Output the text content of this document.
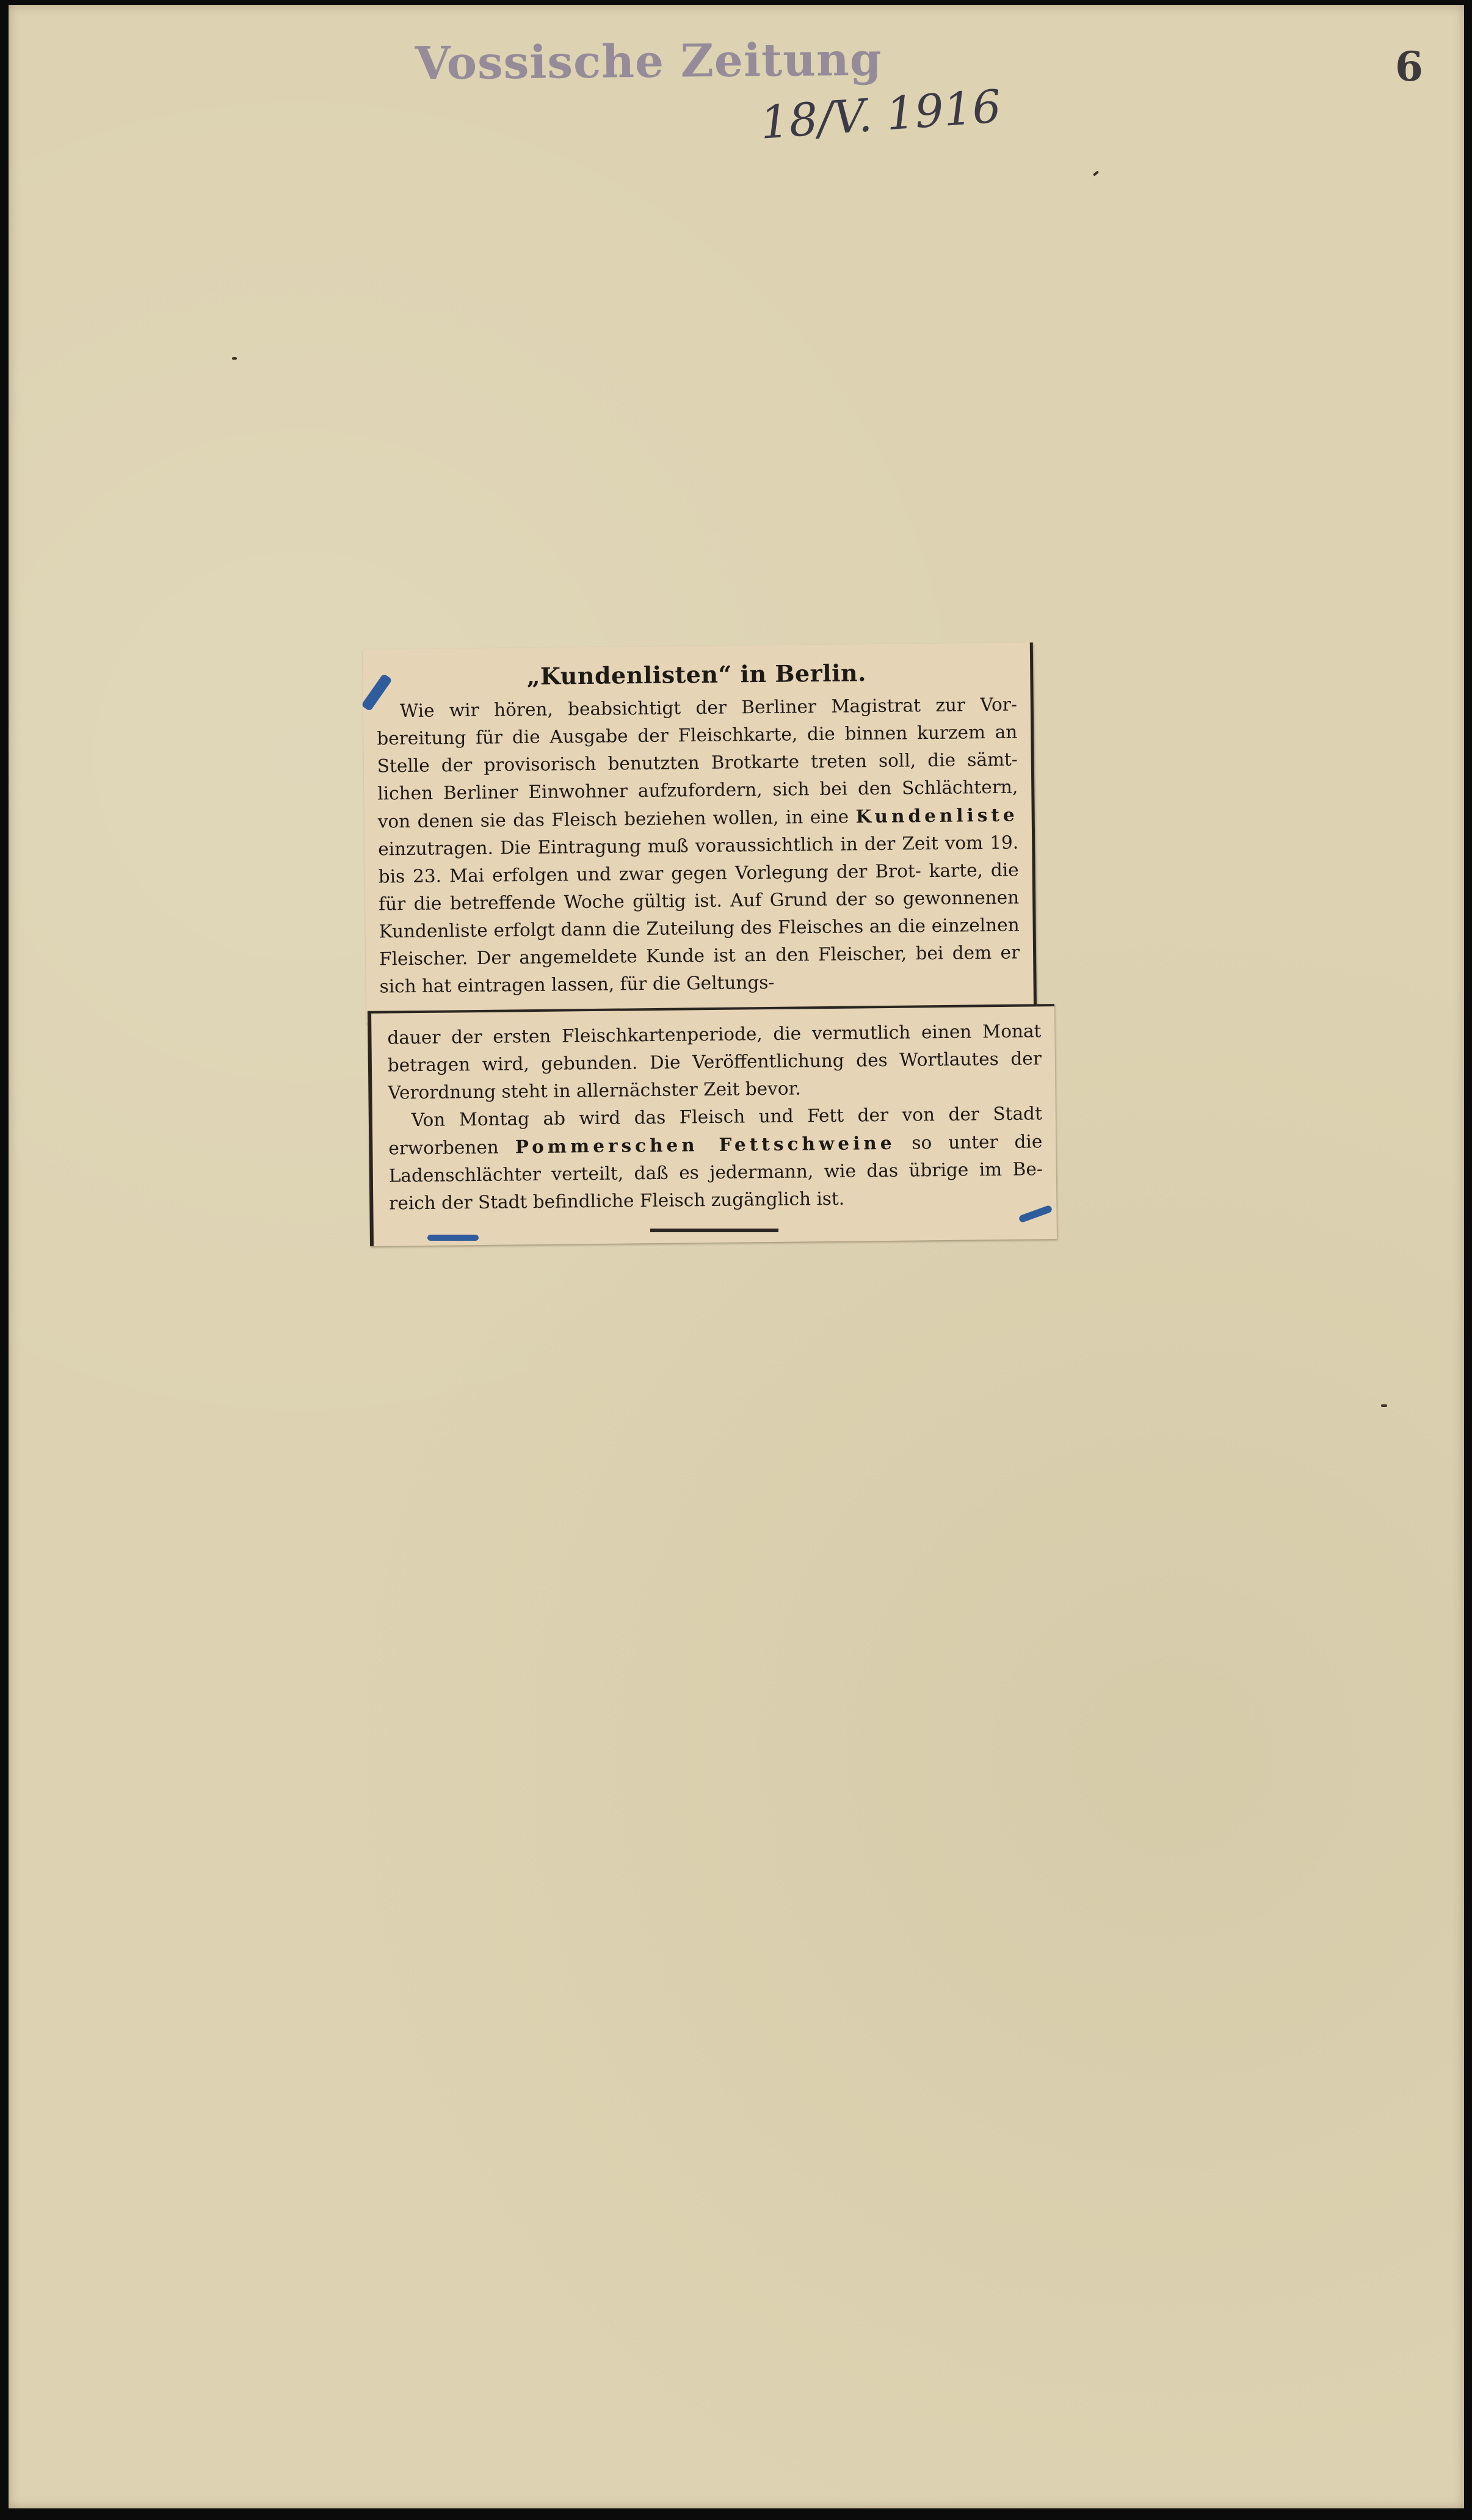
Vossische Zeitung
18/V. 1916
6
„Kundenlisten“ in Berlin.

Wie wir hören, beabsichtigt der Berliner Magistrat zur Vor- bereitung für die Ausgabe der Fleischkarte, die binnen kurzem an Stelle der provisorisch benutzten Brotkarte treten soll, die sämt- lichen Berliner Einwohner aufzufordern, sich bei den Schlächtern, von denen sie das Fleisch beziehen wollen, in eine Kundenliste einzutragen. Die Eintragung muß voraussichtlich in der Zeit vom 19. bis 23. Mai erfolgen und zwar gegen Vorlegung der Brot- karte, die für die betreffende Woche gültig ist. Auf Grund der so gewonnenen Kundenliste erfolgt dann die Zuteilung des Fleisches an die einzelnen Fleischer. Der angemeldete Kunde ist an den Fleischer, bei dem er sich hat eintragen lassen, für die Geltungs-

dauer der ersten Fleischkartenperiode, die vermutlich einen Monat betragen wird, gebunden. Die Veröffentlichung des Wortlautes der Verordnung steht in allernächster Zeit bevor.

Von Montag ab wird das Fleisch und Fett der von der Stadt erworbenen Pommerschen Fettschweine so unter die Ladenschlächter verteilt, daß es jedermann, wie das übrige im Be- reich der Stadt befindliche Fleisch zugänglich ist.
